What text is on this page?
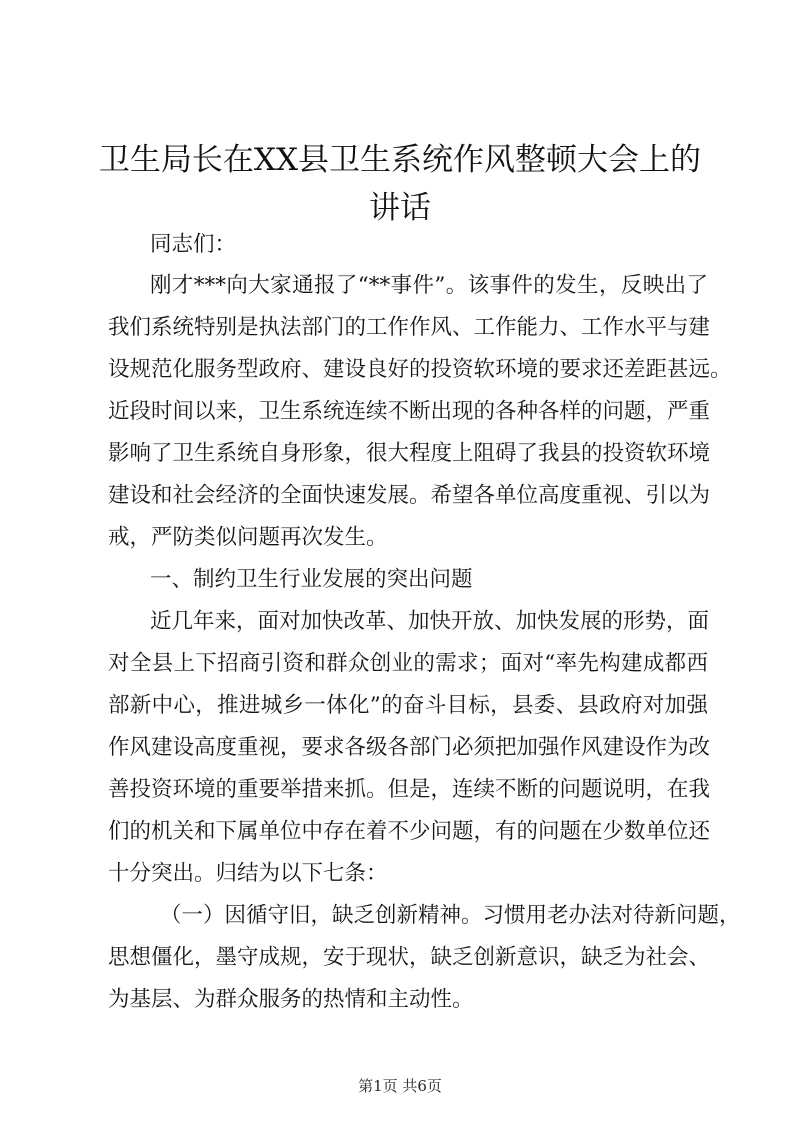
卫生局长在XX县卫生系统作风整顿大会上的
讲话
同志们：
刚才***向大家通报了“**事件”。该事件的发生，反映出了
我们系统特别是执法部门的工作作风、工作能力、工作水平与建
设规范化服务型政府、建设良好的投资软环境的要求还差距甚远。
近段时间以来，卫生系统连续不断出现的各种各样的问题，严重
影响了卫生系统自身形象，很大程度上阻碍了我县的投资软环境
建设和社会经济的全面快速发展。希望各单位高度重视、引以为
戒，严防类似问题再次发生。
一、制约卫生行业发展的突出问题
近几年来，面对加快改革、加快开放、加快发展的形势，面
对全县上下招商引资和群众创业的需求；面对“率先构建成都西
部新中心，推进城乡一体化”的奋斗目标，县委、县政府对加强
作风建设高度重视，要求各级各部门必须把加强作风建设作为改
善投资环境的重要举措来抓。但是，连续不断的问题说明，在我
们的机关和下属单位中存在着不少问题，有的问题在少数单位还
十分突出。归结为以下七条：
（一）因循守旧，缺乏创新精神。习惯用老办法对待新问题，
思想僵化，墨守成规，安于现状，缺乏创新意识，缺乏为社会、
为基层、为群众服务的热情和主动性。
第1页 共6页
